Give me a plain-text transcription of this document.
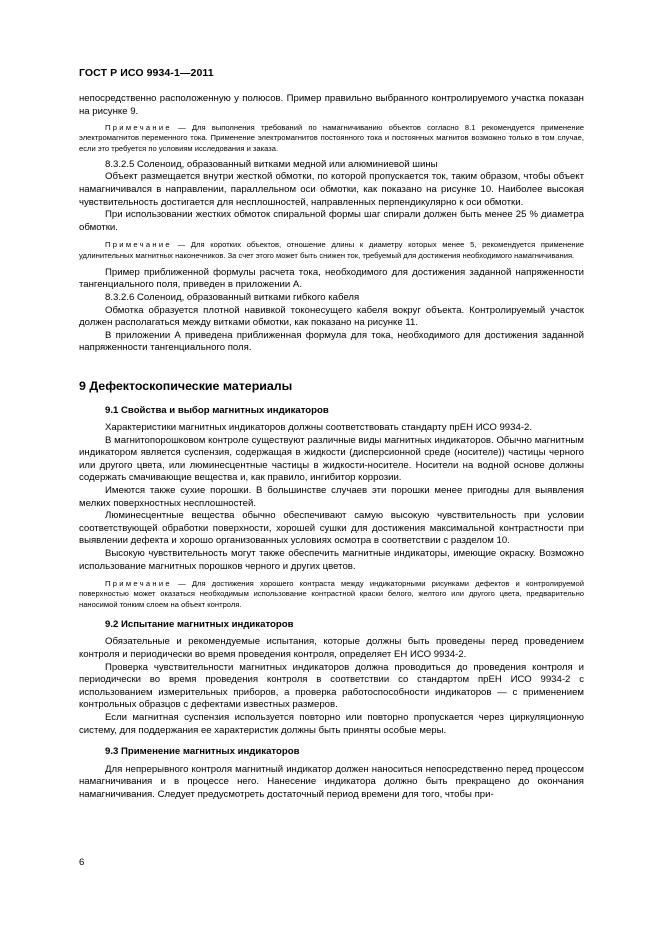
ГОСТ Р ИСО 9934-1—2011

непосредственно расположенную у полюсов. Пример правильно выбранного контролируемого участка показан на рисунке 9.

Примечание — Для выполнения требований по намагничиванию объектов согласно 8.1 рекомендуется применение электромагнитов переменного тока. Применение электромагнитов постоянного тока и постоянных магнитов возможно только в том случае, если это требуется по условиям исследования и заказа.

8.3.2.5 Соленоид, образованный витками медной или алюминиевой шины

Объект размещается внутри жесткой обмотки, по которой пропускается ток, таким образом, чтобы объект намагничивался в направлении, параллельном оси обмотки, как показано на рисунке 10. Наиболее высокая чувствительность достигается для несплошностей, направленных перпендикулярно к оси обмотки.

При использовании жестких обмоток спиральной формы шаг спирали должен быть менее 25 % диаметра обмотки.

Примечание — Для коротких объектов, отношение длины к диаметру которых менее 5, рекомендуется применение удлинительных магнитных наконечников. За счет этого может быть снижен ток, требуемый для достижения необходимого намагничивания.

Пример приближенной формулы расчета тока, необходимого для достижения заданной напряженности тангенциального поля, приведен в приложении А.

8.3.2.6 Соленоид, образованный витками гибкого кабеля

Обмотка образуется плотной навивкой токонесущего кабеля вокруг объекта. Контролируемый участок должен располагаться между витками обмотки, как показано на рисунке 11.

В приложении А приведена приближенная формула для тока, необходимого для достижения заданной напряженности тангенциального поля.

9 Дефектоскопические материалы
9.1 Свойства и выбор магнитных индикаторов

Характеристики магнитных индикаторов должны соответствовать стандарту прЕН ИСО 9934-2.

В магнитопорошковом контроле существуют различные виды магнитных индикаторов. Обычно магнитным индикатором является суспензия, содержащая в жидкости (дисперсионной среде (носителе)) частицы черного или другого цвета, или люминесцентные частицы в жидкости-носителе. Носители на водной основе должны содержать смачивающие вещества и, как правило, ингибитор коррозии.

Имеются также сухие порошки. В большинстве случаев эти порошки менее пригодны для выявления мелких поверхностных несплошностей.

Люминесцентные вещества обычно обеспечивают самую высокую чувствительность при условии соответствующей обработки поверхности, хорошей сушки для достижения максимальной контрастности при выявлении дефекта и хорошо организованных условиях осмотра в соответствии с разделом 10.

Высокую чувствительность могут также обеспечить магнитные индикаторы, имеющие окраску. Возможно использование магнитных порошков черного и других цветов.

Примечание — Для достижения хорошего контраста между индикаторными рисунками дефектов и контролируемой поверхностью может оказаться необходимым использование контрастной краски белого, желтого или другого цвета, предварительно наносимой тонким слоем на объект контроля.

9.2 Испытание магнитных индикаторов

Обязательные и рекомендуемые испытания, которые должны быть проведены перед проведением контроля и периодически во время проведения контроля, определяет ЕН ИСО 9934-2.

Проверка чувствительности магнитных индикаторов должна проводиться до проведения контроля и периодически во время проведения контроля в соответствии со стандартом прЕН ИСО 9934-2 с использованием измерительных приборов, а проверка работоспособности индикаторов — с применением контрольных образцов с дефектами известных размеров.

Если магнитная суспензия используется повторно или повторно пропускается через циркуляционную систему, для поддержания ее характеристик должны быть приняты особые меры.

9.3 Применение магнитных индикаторов

Для непрерывного контроля магнитный индикатор должен наноситься непосредственно перед процессом намагничивания и в процессе него. Нанесение индикатора должно быть прекращено до окончания намагничивания. Следует предусмотреть достаточный период времени для того, чтобы при-

6
